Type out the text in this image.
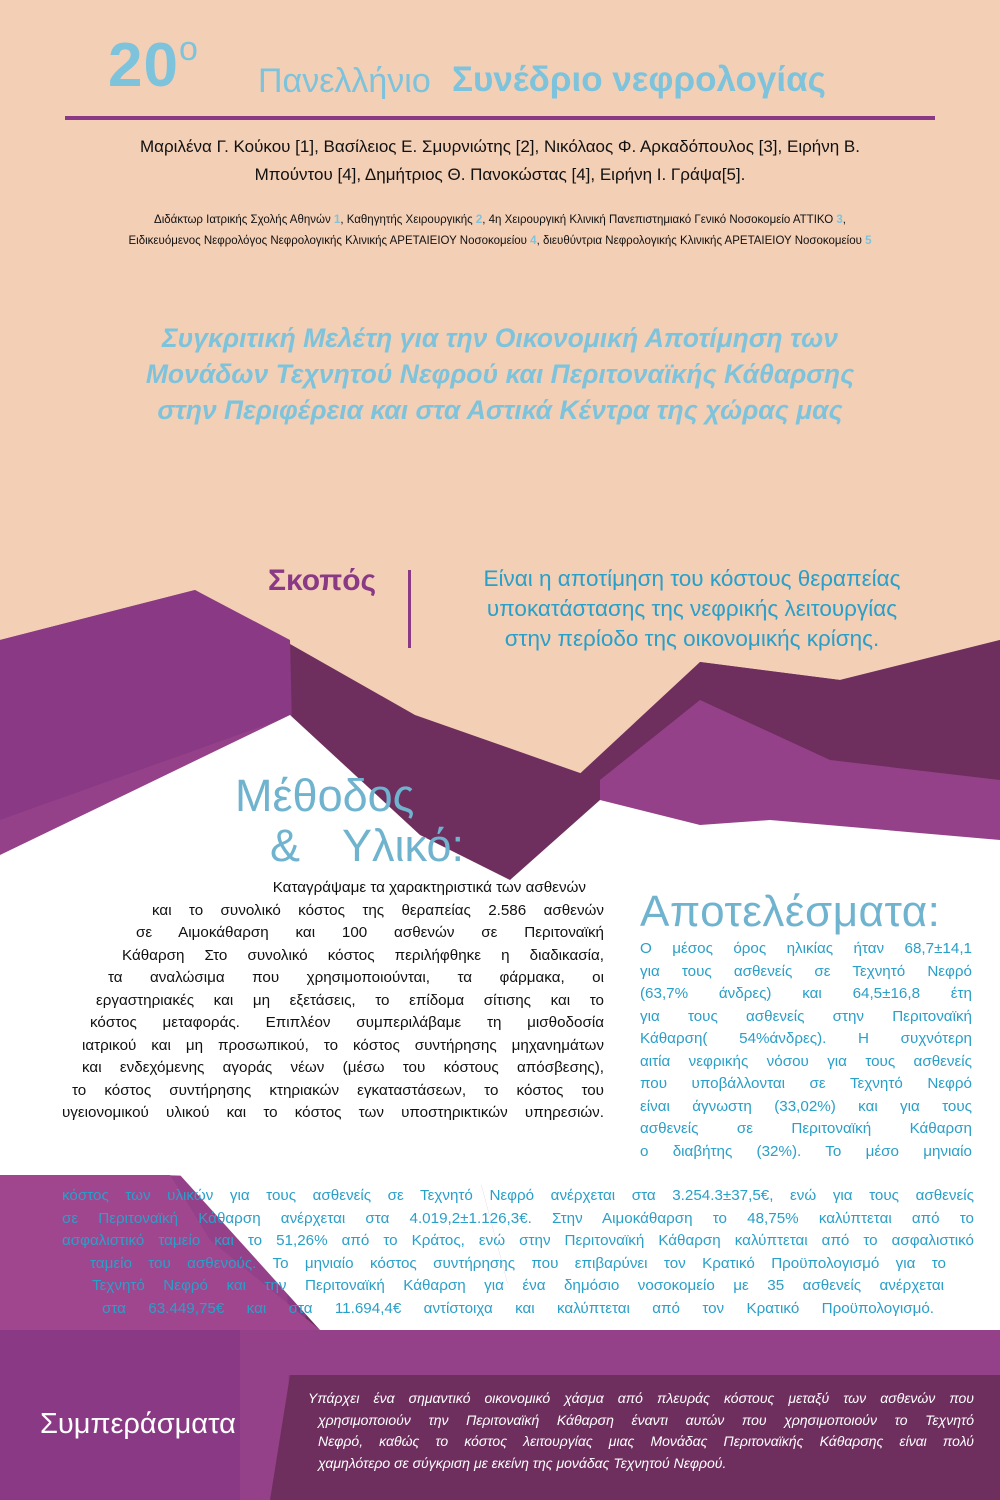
$20^o$
Πανελλήνιο Συνέδριο νεφρολογίας
Μαριλένα Γ. Κούκου [1], Βασίλειος Ε. Σμυρνιώτης [2], Νικόλαος Φ. Αρκαδόπουλος [3], Ειρήνη Β.
Μπούντου [4], Δημήτριος Θ. Πανοκώστας [4], Ειρήνη Ι. Γράψα[5].
Διδάκτωρ Ιατρικής Σχολής Αθηνών 1, Καθηγητής Χειρουργικής 2, 4η Χειρουργική Κλινική Πανεπιστημιακό Γενικό Νοσοκομείο ΑΤΤΙΚΟ 3,
Ειδικευόμενος Νεφρολόγος Νεφρολογικής Κλινικής ΑΡΕΤΑΙΕΙΟΥ Νοσοκομείου 4, διευθύντρια Νεφρολογικής Κλινικής ΑΡΕΤΑΙΕΙΟΥ Νοσοκομείου 5
Συγκριτική Μελέτη για την Οικονομική Αποτίμηση των
Μονάδων Τεχνητού Νεφρού και Περιτοναϊκής Κάθαρσης
στην Περιφέρεια και στα Αστικά Κέντρα της χώρας μας
Σκοπός	Είναι η αποτίμηση του κόστους θεραπείας
υποκατάστασης της νεφρικής λειτουργίας
στην περίοδο της οικονομικής κρίσης.
Μέθοδος
& Υλικό:
Καταγράψαμε τα χαρακτηριστικά των ασθενών
και το συνολικό κόστος της θεραπείας 2.586 ασθενών
σε Αιμοκάθαρση και 100 ασθενών σε Περιτοναϊκή
Κάθαρση Στο συνολικό κόστος περιλήφθηκε η διαδικασία,
τα αναλώσιμα που χρησιμοποιούνται, τα φάρμακα, οι
εργαστηριακές και μη εξετάσεις, το επίδομα σίτισης και το
κόστος μεταφοράς. Επιπλέον συμπεριλάβαμε τη μισθοδοσία
ιατρικού και μη προσωπικού, το κόστος συντήρησης μηχανημάτων
και ενδεχόμενης αγοράς νέων (μέσω του κόστους απόσβεσης),
το κόστος συντήρησης κτηριακών εγκαταστάσεων, το κόστος του
υγειονομικού υλικού και το κόστος των υποστηρικτικών υπηρεσιών.
Αποτελέσματα:
Ο μέσος όρος ηλικίας ήταν 68,7±14,1
για τους ασθενείς σε Τεχνητό Νεφρό
(63,7% άνδρες) και 64,5±16,8 έτη
για τους ασθενείς στην Περιτοναϊκή
Κάθαρση( 54%άνδρες). Η συχνότερη
αιτία νεφρικής νόσου για τους ασθενείς
που υποβάλλονται σε Τεχνητό Νεφρό
είναι άγνωστη (33,02%) και για τους
ασθενείς σε Περιτοναϊκή Κάθαρση
ο διαβήτης (32%). Το μέσο μηνιαίο
κόστος των υλικών για τους ασθενείς σε Τεχνητό Νεφρό ανέρχεται στα 3.254.3±37,5€, ενώ για τους ασθενείς
σε Περιτοναϊκή Κάθαρση ανέρχεται στα 4.019,2±1.126,3€. Στην Αιμοκάθαρση το 48,75% καλύπτεται από το
ασφαλιστικό ταμείο και το 51,26% από το Κράτος, ενώ στην Περιτοναϊκή Κάθαρση καλύπτεται από το ασφαλιστικό
ταμείο του ασθενούς. Το μηνιαίο κόστος συντήρησης που επιβαρύνει τον Κρατικό Προϋπολογισμό για το
Τεχνητό Νεφρό και την Περιτοναϊκή Κάθαρση για ένα δημόσιο νοσοκομείο με 35 ασθενείς ανέρχεται
στα 63.449,75€ και στα 11.694,4€ αντίστοιχα και καλύπτεται από τον Κρατικό Προϋπολογισμό.
Συμπεράσματα
Υπάρχει ένα σημαντικό οικονομικό χάσμα από πλευράς κόστους μεταξύ των ασθενών που
χρησιμοποιούν την Περιτοναϊκή Κάθαρση έναντι αυτών που χρησιμοποιούν το Τεχνητό
Νεφρό, καθώς το κόστος λειτουργίας μιας Μονάδας Περιτοναϊκής Κάθαρσης είναι πολύ
χαμηλότερο σε σύγκριση με εκείνη της μονάδας Τεχνητού Νεφρού.
